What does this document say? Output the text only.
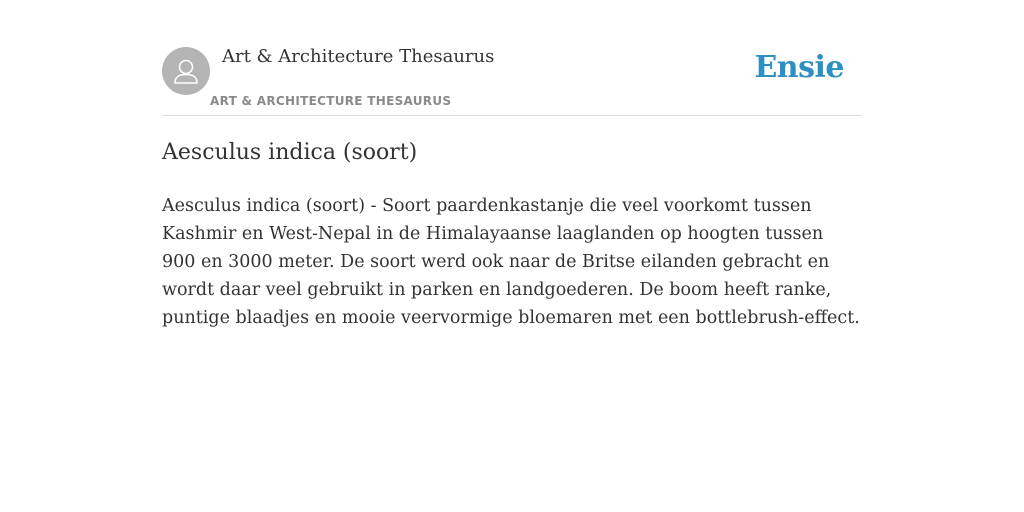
Art & Architecture Thesaurus
ART & ARCHITECTURE THESAURUS
Ensie
Aesculus indica (soort)

Aesculus indica (soort) - Soort paardenkastanje die veel voorkomt tussen Kashmir en West-Nepal in de Himalayaanse laaglanden op hoogten tussen 900 en 3000 meter. De soort werd ook naar de Britse eilanden gebracht en wordt daar veel gebruikt in parken en landgoederen. De boom heeft ranke, puntige blaadjes en mooie veervormige bloemaren met een bottlebrush-effect.
